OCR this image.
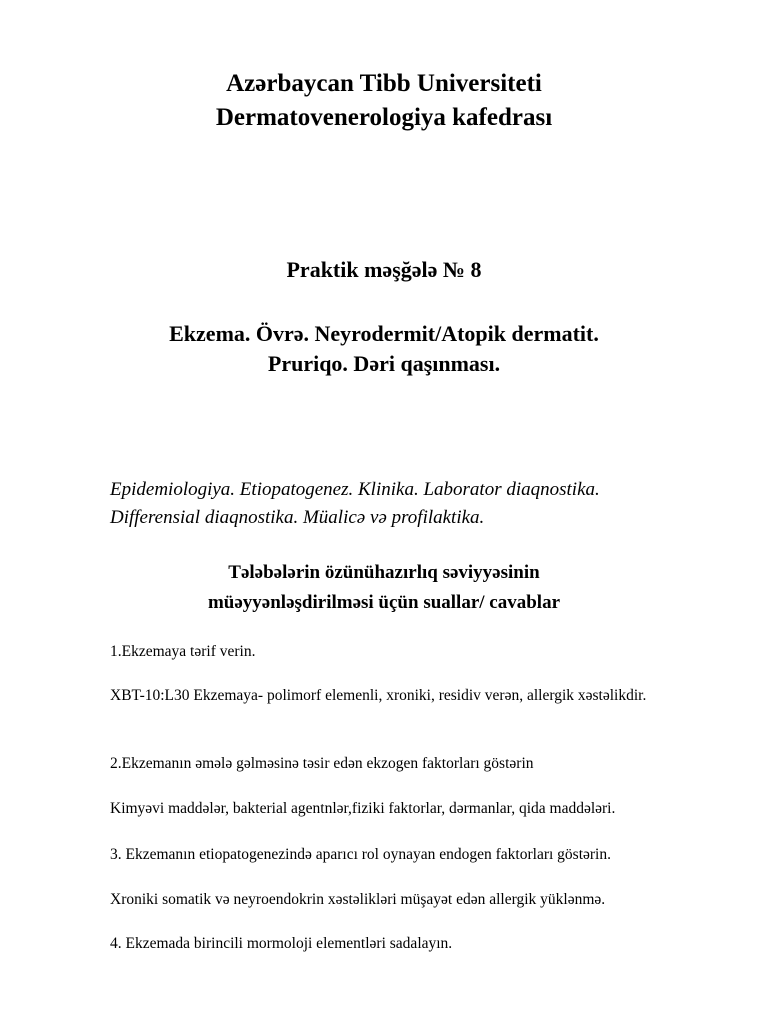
Azərbaycan Tibb Universiteti
Dermatovenerologiya kafedrası
Praktik məşğələ № 8
Ekzema. Övrə. Neyrodermit/Atopik dermatit.
Pruriqo. Dəri qaşınması.
Epidemiologiya. Etiopatogenez. Klinika. Laborator diaqnostika.
Differensial diaqnostika. Müalicə və profilaktika.
Tələbələrin özünühazırlıq səviyyəsinin
müəyyənləşdirilməsi üçün suallar/ cavablar
1.Ekzemaya tərif verin.
XBT-10:L30 Ekzemaya- polimorf elemenli, xroniki, residiv verən, allergik xəstəlikdir.
2.Ekzemanın əmələ gəlməsinə təsir edən ekzogen faktorları göstərin
Kimyəvi maddələr, bakterial agentnlər,fiziki faktorlar, dərmanlar, qida maddələri.
3. Ekzemanın etiopatogenezində aparıcı rol oynayan endogen faktorları göstərin.
Xroniki somatik və neyroendokrin xəstəlikləri müşayət edən allergik yüklənmə.
4. Ekzemada birincili mormoloji elementləri sadalayın.
